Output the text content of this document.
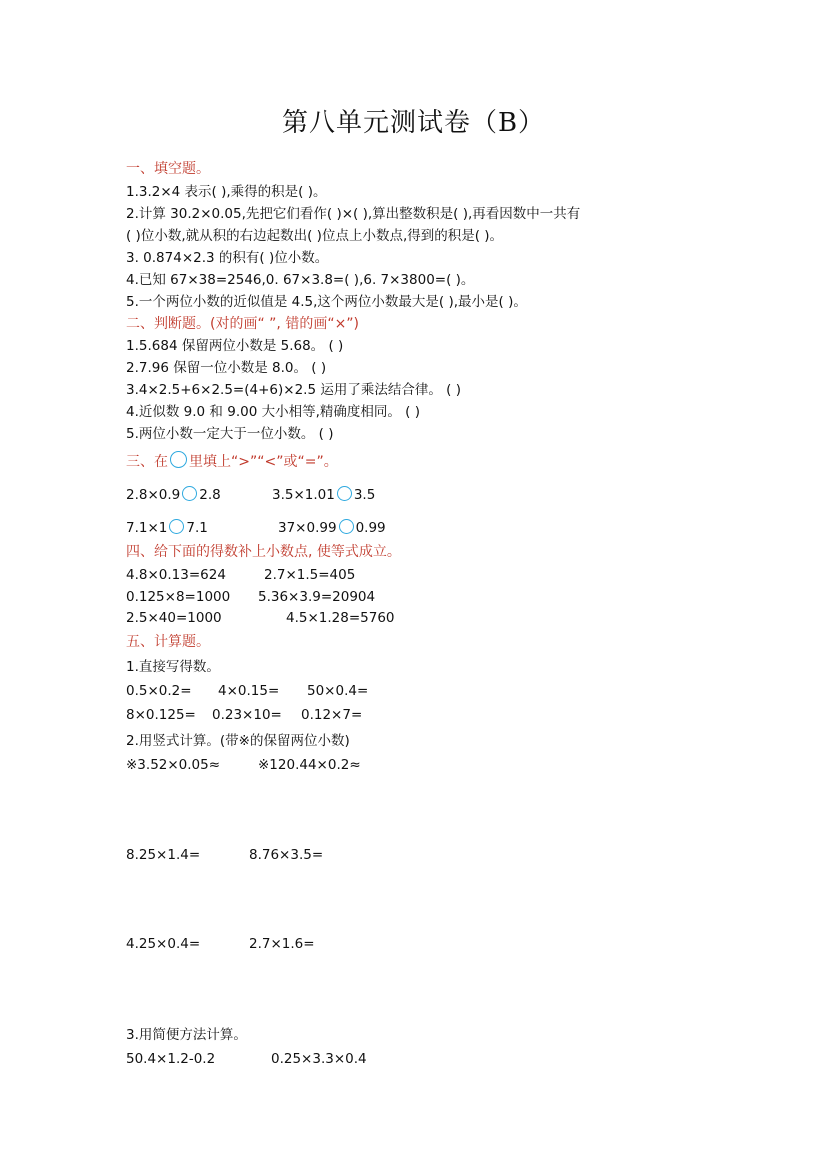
第八单元测试卷（B）
一、填空题。
1.3.2×4 表示( ),乘得的积是( )。
2.计算 30.2×0.05,先把它们看作( )×( ),算出整数积是( ),再看因数中一共有
( )位小数,就从积的右边起数出( )位点上小数点,得到的积是( )。
3. 0.874×2.3 的积有( )位小数。
4.已知 67×38=2546,0. 67×3.8=( ),6. 7×3800=( )。
5.一个两位小数的近似值是 4.5,这个两位小数最大是( ),最小是( )。
二、判断题。(对的画“ ”, 错的画“×”)
1.5.684 保留两位小数是 5.68。 ( )
2.7.96 保留一位小数是 8.0。 ( )
3.4×2.5+6×2.5=(4+6)×2.5 运用了乘法结合律。 ( )
4.近似数 9.0 和 9.00 大小相等,精确度相同。 ( )
5.两位小数一定大于一位小数。 ( )
三、在 里填上“>”“<”或“=”。
2.8×0.9 2.8	3.5×1.01 3.5
7.1×1 7.1	37×0.99 0.99
四、给下面的得数补上小数点, 使等式成立。
4.8×0.13=624	2.7×1.5=405
0.125×8=1000 5.36×3.9=20904
2.5×40=1000	4.5×1.28=5760
五、计算题。
1.直接写得数。
0.5×0.2= 4×0.15= 50×0.4=
8×0.125= 0.23×10= 0.12×7=
2.用竖式计算。(带※的保留两位小数)
※3.52×0.05≈	※120.44×0.2≈
8.25×1.4=	8.76×3.5=
4.25×0.4=	2.7×1.6=
3.用简便方法计算。
50.4×1.2-0.2	0.25×3.3×0.4
